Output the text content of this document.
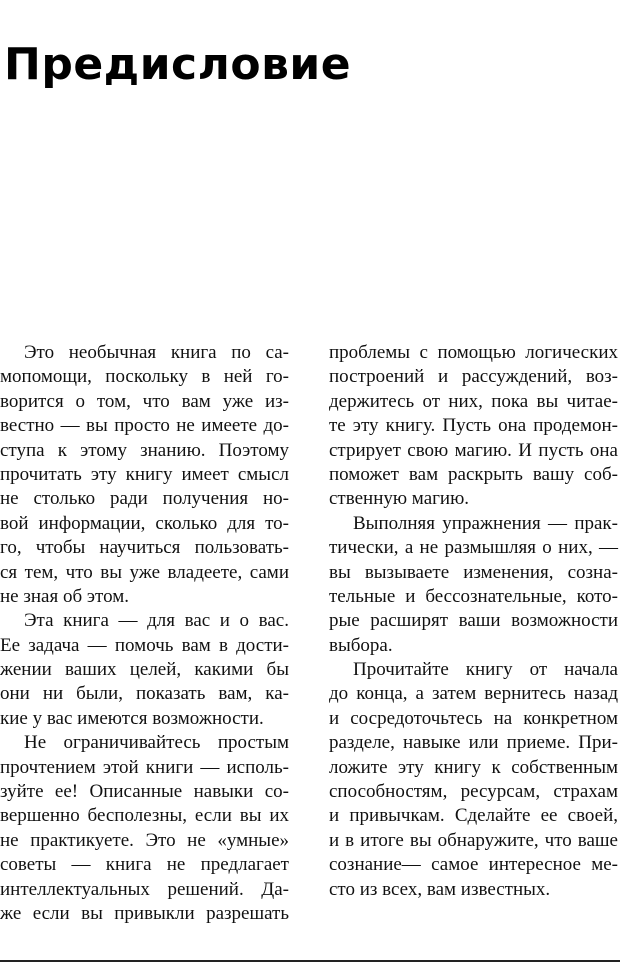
Предисловие
Это необычная книга по са-
мопомощи, поскольку в ней го-
ворится о том, что вам уже из-
вестно — вы просто не имеете до-
ступа к этому знанию. Поэтому
прочитать эту книгу имеет смысл
не столько ради получения но-
вой информации, сколько для то-
го, чтобы научиться пользовать-
ся тем, что вы уже владеете, сами
не зная об этом.
Эта книга — для вас и о вас.
Ее задача — помочь вам в дости-
жении ваших целей, какими бы
они ни были, показать вам, ка-
кие у вас имеются возможности.
Не ограничивайтесь простым
прочтением этой книги — исполь-
зуйте ее! Описанные навыки со-
вершенно бесполезны, если вы их
не практикуете. Это не «умные»
советы — книга не предлагает
интеллектуальных решений. Да-
же если вы привыкли разрешать
проблемы с помощью логических
построений и рассуждений, воз-
держитесь от них, пока вы читае-
те эту книгу. Пусть она продемон-
стрирует свою магию. И пусть она
поможет вам раскрыть вашу соб-
ственную магию.
Выполняя упражнения — прак-
тически, а не размышляя о них, —
вы вызываете изменения, созна-
тельные и бессознательные, кото-
рые расширят ваши возможности
выбора.
Прочитайте книгу от начала
до конца, а затем вернитесь назад
и сосредоточьтесь на конкретном
разделе, навыке или приеме. При-
ложите эту книгу к собственным
способностям, ресурсам, страхам
и привычкам. Сделайте ее своей,
и в итоге вы обнаружите, что ваше
сознание— самое интересное ме-
сто из всех, вам известных.
